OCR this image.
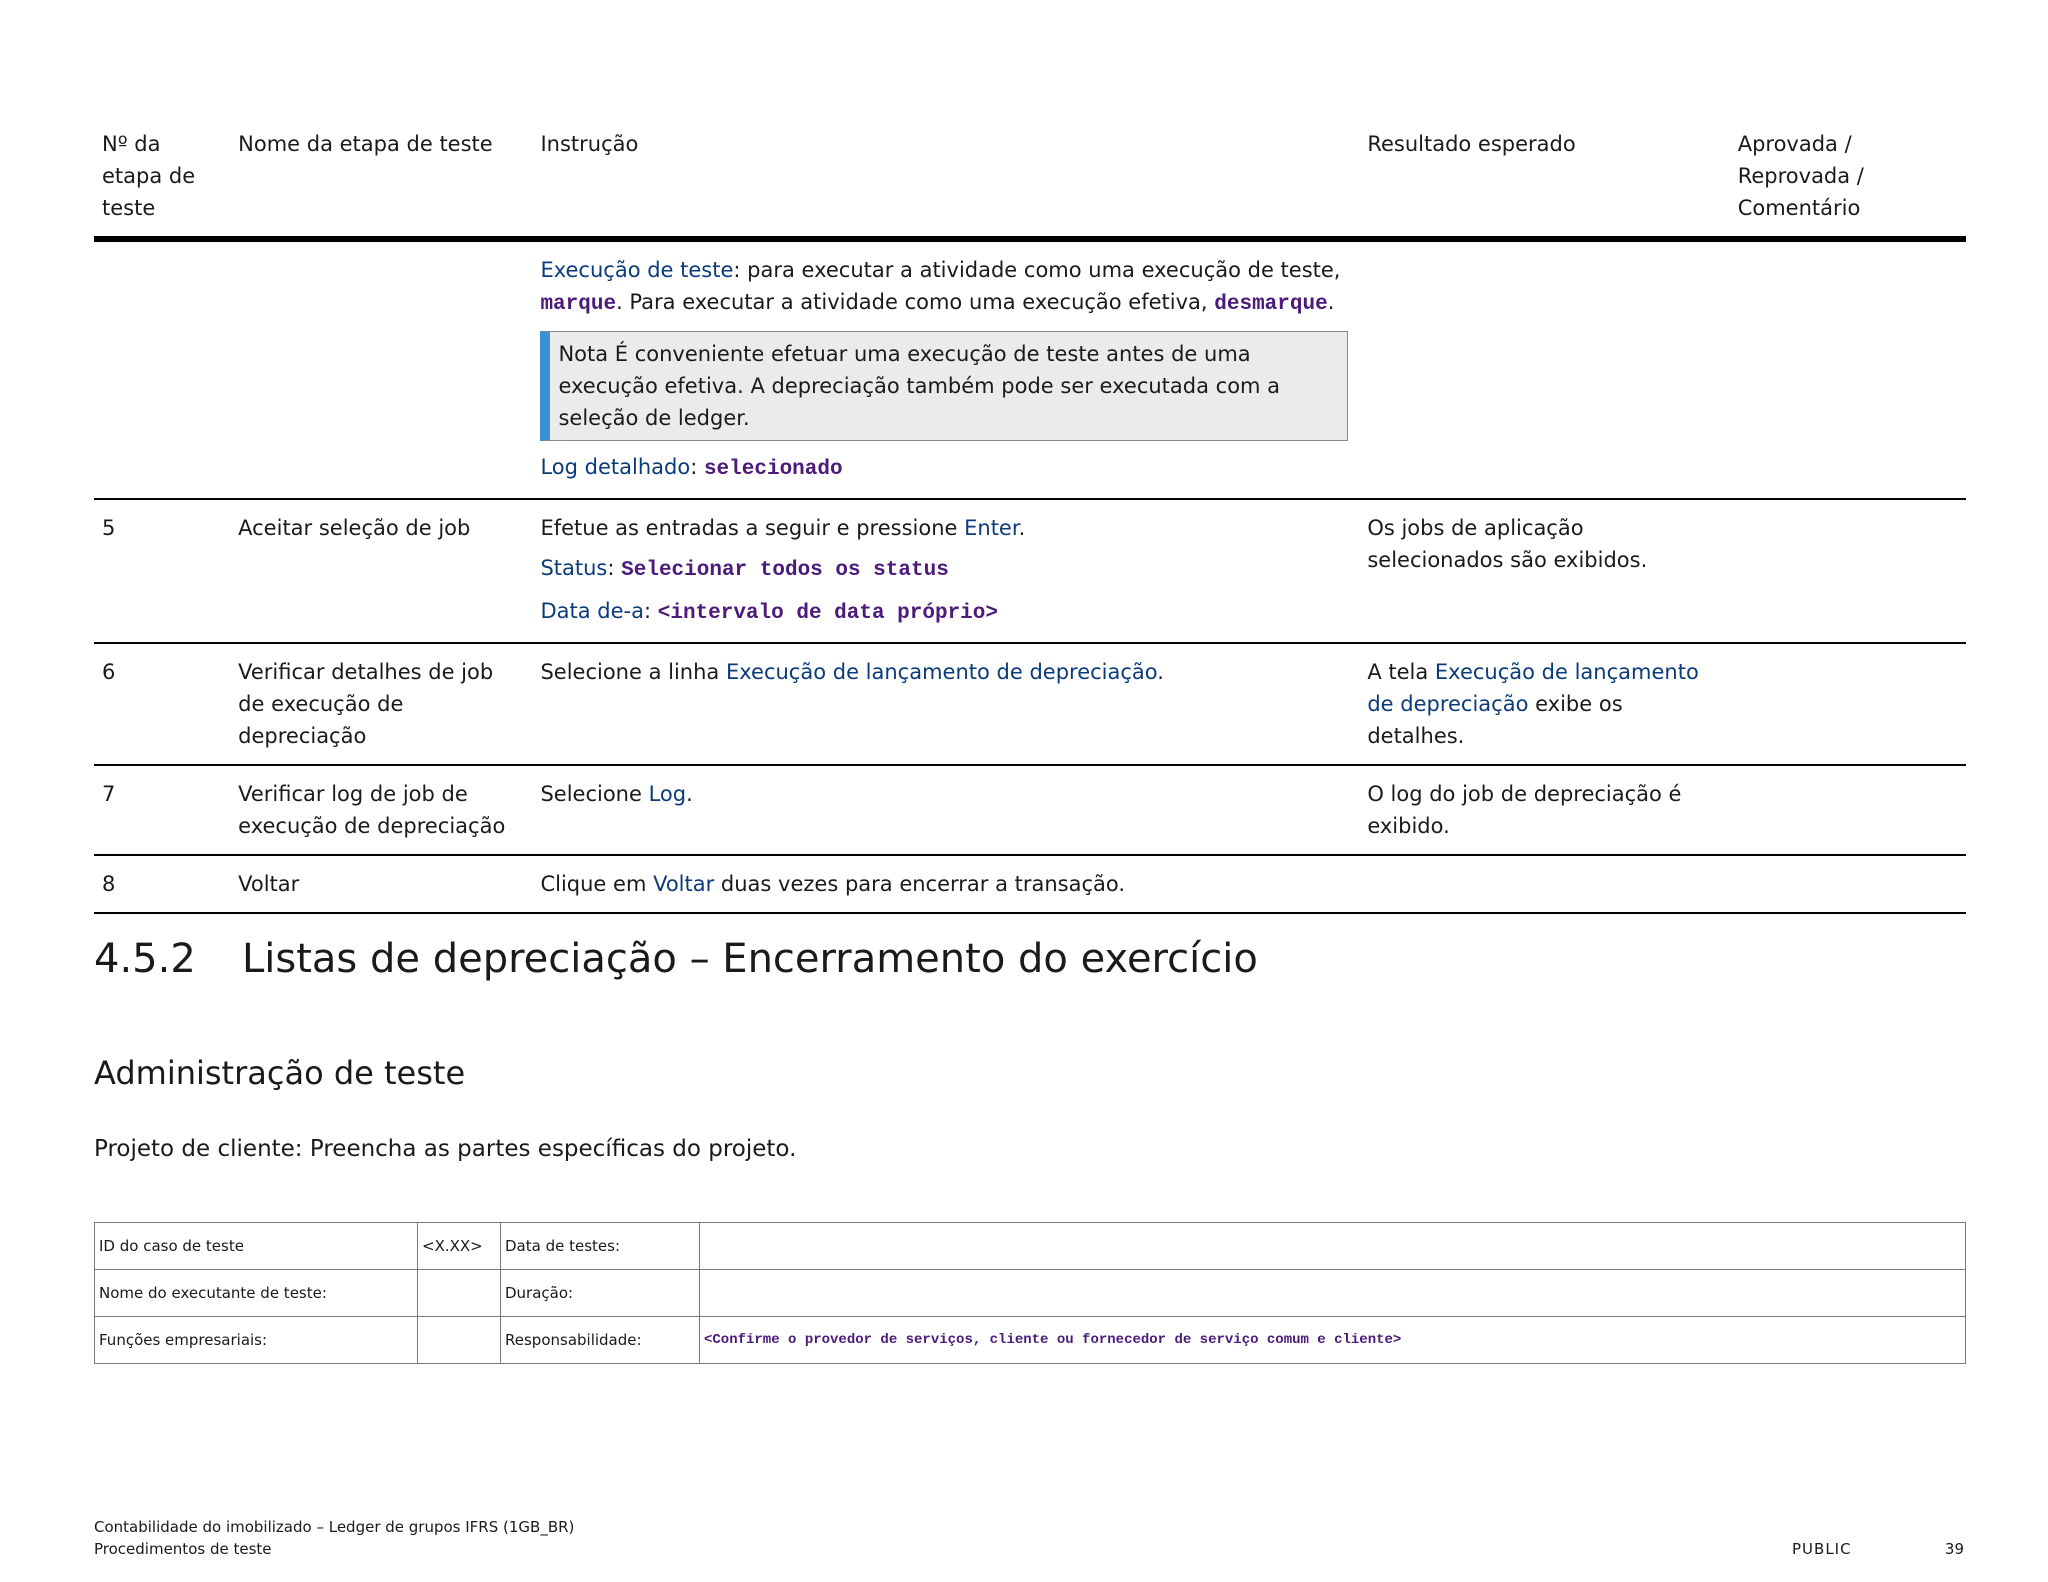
Nº da etapa de teste	Nome da etapa de teste	Instrução	Resultado esperado	Aprovada / Reprovada / Comentário

		Execução de teste: para executar a atividade como uma execução de teste, marque. Para executar a atividade como uma execução efetiva, desmarque.

Nota É conveniente efetuar uma execução de teste antes de uma execução efetiva. A depreciação também pode ser executada com a seleção de ledger.

Log detalhado: selecionado		

5	Aceitar seleção de job	Efetue as entradas a seguir e pressione Enter.

Status: Selecionar todos os status

Data de-a: <intervalo de data próprio>	Os jobs de aplicação selecionados são exibidos.	
6	Verificar detalhes de job de execução de depreciação	Selecione a linha Execução de lançamento de depreciação.	A tela Execução de lançamento de depreciação exibe os detalhes.	
7	Verificar log de job de execução de depreciação	Selecione Log.	O log do job de depreciação é exibido.	
8	Voltar	Clique em Voltar duas vezes para encerrar a transação.		
4.5.2 Listas de depreciação – Encerramento do exercício
Administração de teste

Projeto de cliente: Preencha as partes específicas do projeto.

ID do caso de teste	<X.XX>	Data de testes:	
Nome do executante de teste:		Duração:	
Funções empresariais:		Responsabilidade:	<Confirme o provedor de serviços, cliente ou fornecedor de serviço comum e cliente>
Contabilidade do imobilizado – Ledger de grupos IFRS (1GB_BR)
Procedimentos de teste	PUBLIC	39
